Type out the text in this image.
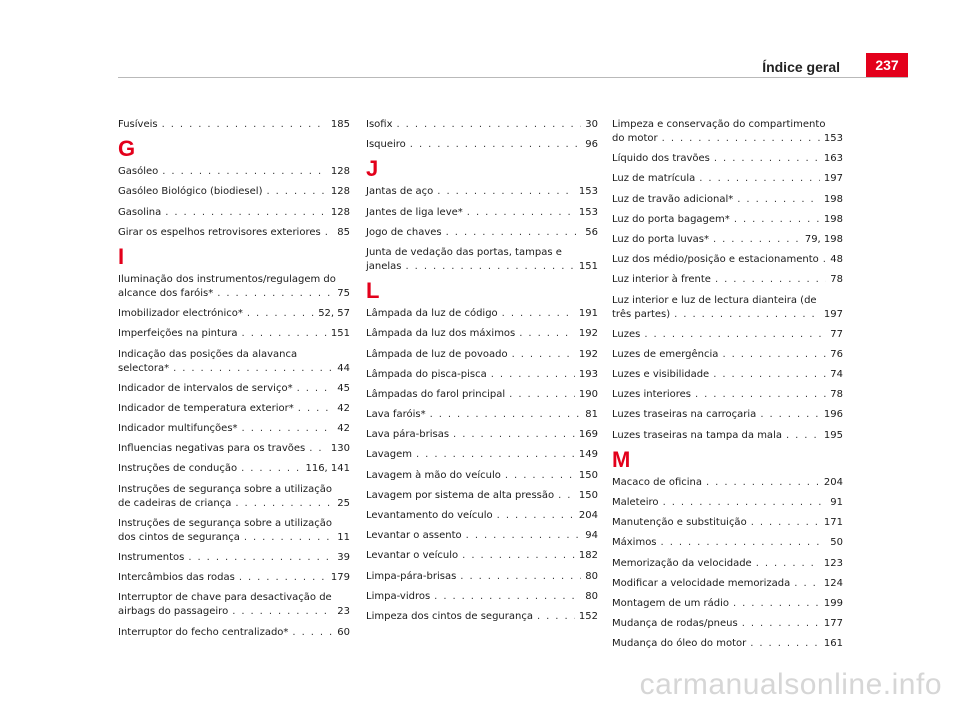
Índice geral	237
Fusíveis . . .	185
G
Gasóleo . . .	128
Gasóleo Biológico (biodiesel) . . .	128
Gasolina . . .	128
Girar os espelhos retrovisores exteriores . . . 85
I
Iluminação dos instrumentos/regulagem do
alcance dos faróis* . . .	75
Imobilizador electrónico* . . .	52, 57
Imperfeições na pintura . . .	151
Indicação das posições da alavanca
selectora* . . .	44
Indicador de intervalos de serviço* . . .	45
Indicador de temperatura exterior* . . .	42
Indicador multifunções* . . .	42
Influencias negativas para os travões . . .	130
Instruções de condução . . .	116, 141
Instruções de segurança sobre a utilização
de cadeiras de criança . . .	25
Instruções de segurança sobre a utilização
dos cintos de segurança . . .	11
Instrumentos . . .	39
Intercâmbios das rodas . . .	179
Interruptor de chave para desactivação de
airbags do passageiro . . .	23
Interruptor do fecho centralizado* . . .	60
Isofix . . .	30
Isqueiro . . .	96
J
Jantas de aço . . .	153
Jantes de liga leve* . . .	153
Jogo de chaves . . .	56
Junta de vedação das portas, tampas e
janelas . . .	151
L
Lâmpada da luz de código . . .	191
Lâmpada da luz dos máximos . . .	192
Lâmpada de luz de povoado . . .	192
Lâmpada do pisca-pisca . . .	193
Lâmpadas do farol principal . . .	190
Lava faróis* . . .	81
Lava pára-brisas . . .	169
Lavagem . . .	149
Lavagem à mão do veículo . . .	150
Lavagem por sistema de alta pressão . . . 150
Levantamento do veículo . . .	204
Levantar o assento . . .	94
Levantar o veículo . . .	182
Limpa-pára-brisas . . .	80
Limpa-vidros . . .	80
Limpeza dos cintos de segurança . . .	152
Limpeza e conservação do compartimento
do motor . . .	153
Líquido dos travões . . .	163
Luz de matrícula . . .	197
Luz de travão adicional* . . .	198
Luz do porta bagagem* . . .	198
Luz do porta luvas* . . .	79, 198
Luz dos médio/posição e estacionamento . . . 48
Luz interior à frente . . .	78
Luz interior e luz de lectura dianteira (de
três partes) . . .	197
Luzes . . .	77
Luzes de emergência . . .	76
Luzes e visibilidade . . .	74
Luzes interiores . . .	78
Luzes traseiras na carroçaria . . .	196
Luzes traseiras na tampa da mala . . .	195
M
Macaco de oficina . . .	204
Maleteiro . . .	91
Manutenção e substituição . . .	171
Máximos . . .	50
Memorização da velocidade . . .	123
Modificar a velocidade memorizada . . .	124
Montagem de um rádio . . .	199
Mudança de rodas/pneus . . .	177
Mudança do óleo do motor . . .	161
carmanualsonline.info
